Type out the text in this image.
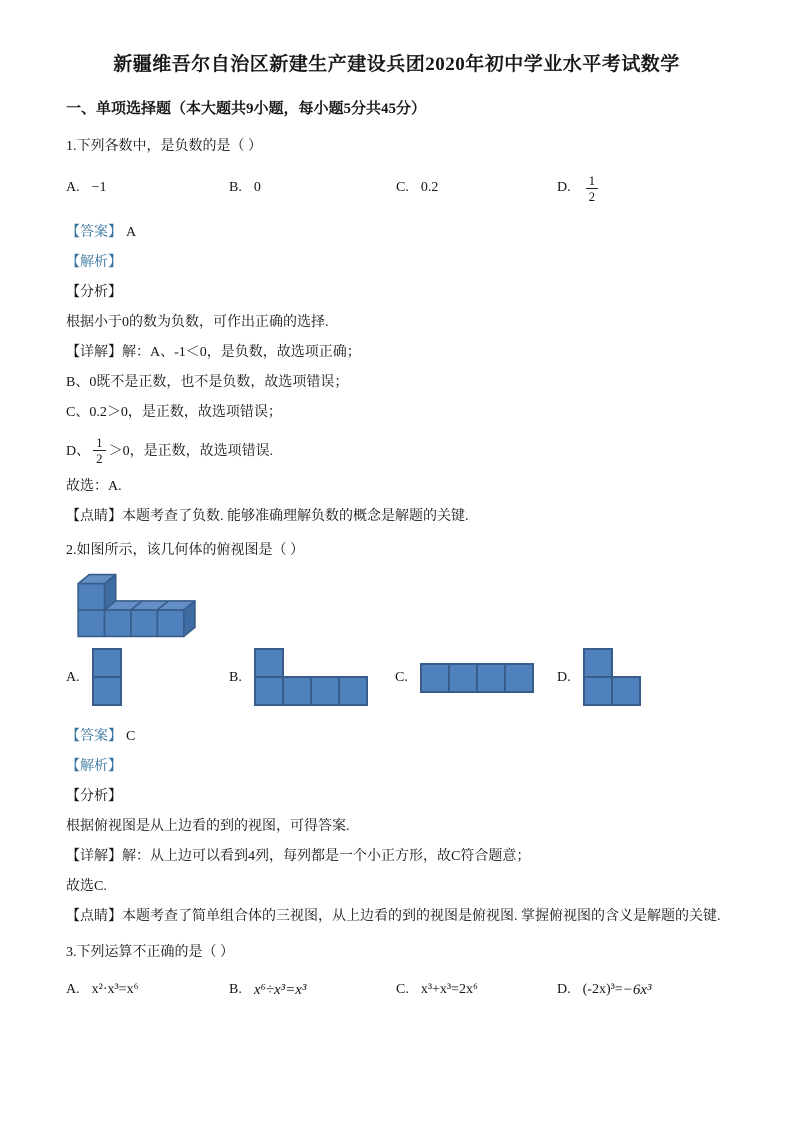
新疆维吾尔自治区新建生产建设兵团2020年初中学业水平考试数学
一、单项选择题（本大题共9小题，每小题5分共45分）

1.下列各数中，是负数的是（ ）

A. −1	B. 0	C. 0.2	D. $\frac{1}{2}$

【答案】 A

【解析】

【分析】

根据小于0的数为负数，可作出正确的选择.

【详解】解：A、-1＜0，是负数，故选项正确；

B、0既不是正数，也不是负数，故选项错误；

C、0.2＞0，是正数，故选项错误；

D、 $\frac{1}{2} >0$，是正数，故选项错误.

故选：A.

【点睛】本题考查了负数. 能够准确理解负数的概念是解题的关键.

2.如图所示，该几何体的俯视图是（ ）

A.	B.	C.	D.

【答案】 C

【解析】

【分析】

根据俯视图是从上边看的到的视图，可得答案.

【详解】解：从上边可以看到4列，每列都是一个小正方形，故C符合题意；

故选C.

【点睛】本题考查了简单组合体的三视图，从上边看的到的视图是俯视图. 掌握俯视图的含义是解题的关键.

3.下列运算不正确的是（ ）

A. x²·x³=x⁶	B. x⁶÷x³=x³	C. x³+x³=2x⁶	D. (-2x)³= −6x³
